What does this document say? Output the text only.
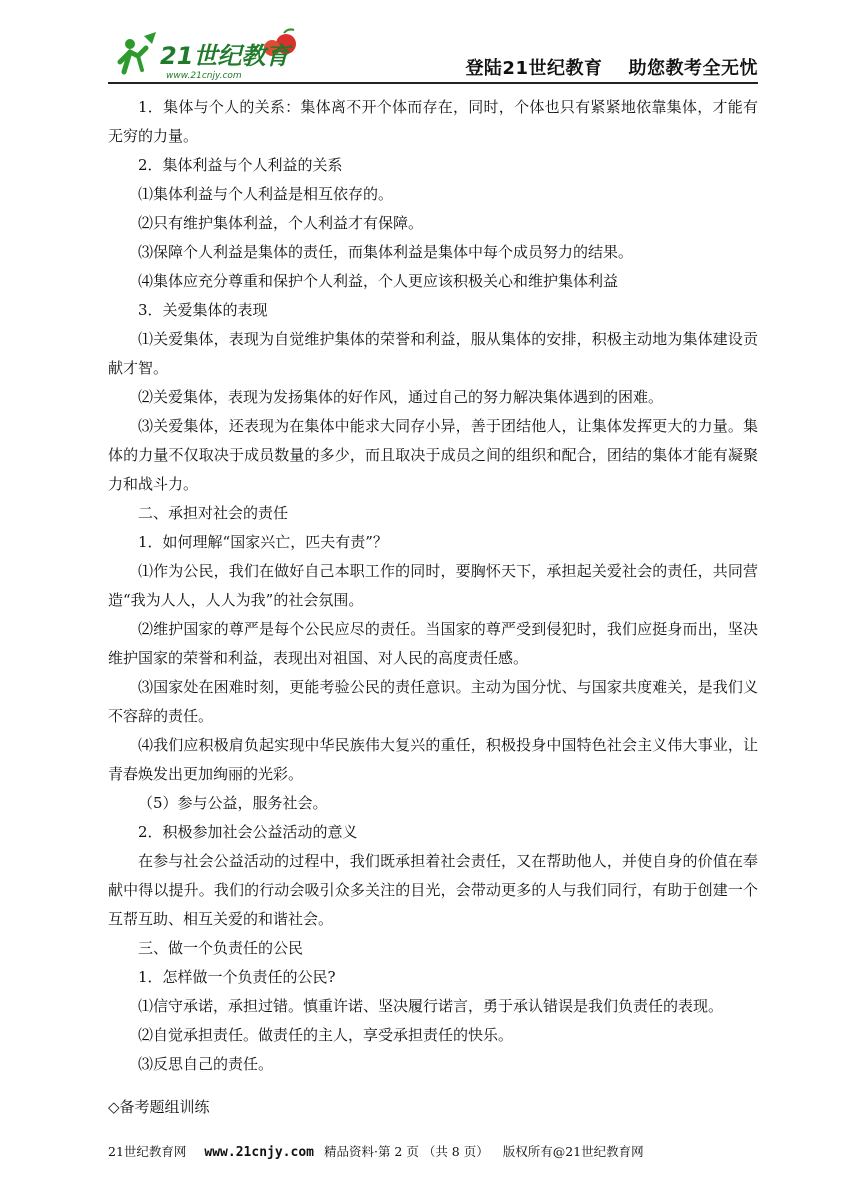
21世纪教育
www.21cnjy.com	登陆21世纪教育 助您教考全无忧

1．集体与个人的关系：集体离不开个体而存在，同时，个体也只有紧紧地依靠集体，才能有无穷的力量。

2．集体利益与个人利益的关系

⑴集体利益与个人利益是相互依存的。

⑵只有维护集体利益，个人利益才有保障。

⑶保障个人利益是集体的责任，而集体利益是集体中每个成员努力的结果。

⑷集体应充分尊重和保护个人利益，个人更应该积极关心和维护集体利益

3．关爱集体的表现

⑴关爱集体，表现为自觉维护集体的荣誉和利益，服从集体的安排，积极主动地为集体建设贡献才智。

⑵关爱集体，表现为发扬集体的好作风，通过自己的努力解决集体遇到的困难。

⑶关爱集体，还表现为在集体中能求大同存小异，善于团结他人，让集体发挥更大的力量。集体的力量不仅取决于成员数量的多少，而且取决于成员之间的组织和配合，团结的集体才能有凝聚力和战斗力。

二、承担对社会的责任

1．如何理解“国家兴亡，匹夫有责”？

⑴作为公民，我们在做好自己本职工作的同时，要胸怀天下，承担起关爱社会的责任，共同营造“我为人人，人人为我”的社会氛围。

⑵维护国家的尊严是每个公民应尽的责任。当国家的尊严受到侵犯时，我们应挺身而出，坚决维护国家的荣誉和利益，表现出对祖国、对人民的高度责任感。

⑶国家处在困难时刻，更能考验公民的责任意识。主动为国分忧、与国家共度难关，是我们义不容辞的责任。

⑷我们应积极肩负起实现中华民族伟大复兴的重任，积极投身中国特色社会主义伟大事业，让青春焕发出更加绚丽的光彩。

（5）参与公益，服务社会。

2．积极参加社会公益活动的意义

在参与社会公益活动的过程中，我们既承担着社会责任，又在帮助他人，并使自身的价值在奉献中得以提升。我们的行动会吸引众多关注的目光，会带动更多的人与我们同行，有助于创建一个互帮互助、相互关爱的和谐社会。

三、做一个负责任的公民

1．怎样做一个负责任的公民?

⑴信守承诺，承担过错。慎重许诺、坚决履行诺言，勇于承认错误是我们负责任的表现。

⑵自觉承担责任。做责任的主人，享受承担责任的快乐。

⑶反思自己的责任。

◇备考题组训练

21世纪教育网 www.21cnjy.com 精品资料·第 2 页 （共 8 页） 版权所有@21世纪教育网
